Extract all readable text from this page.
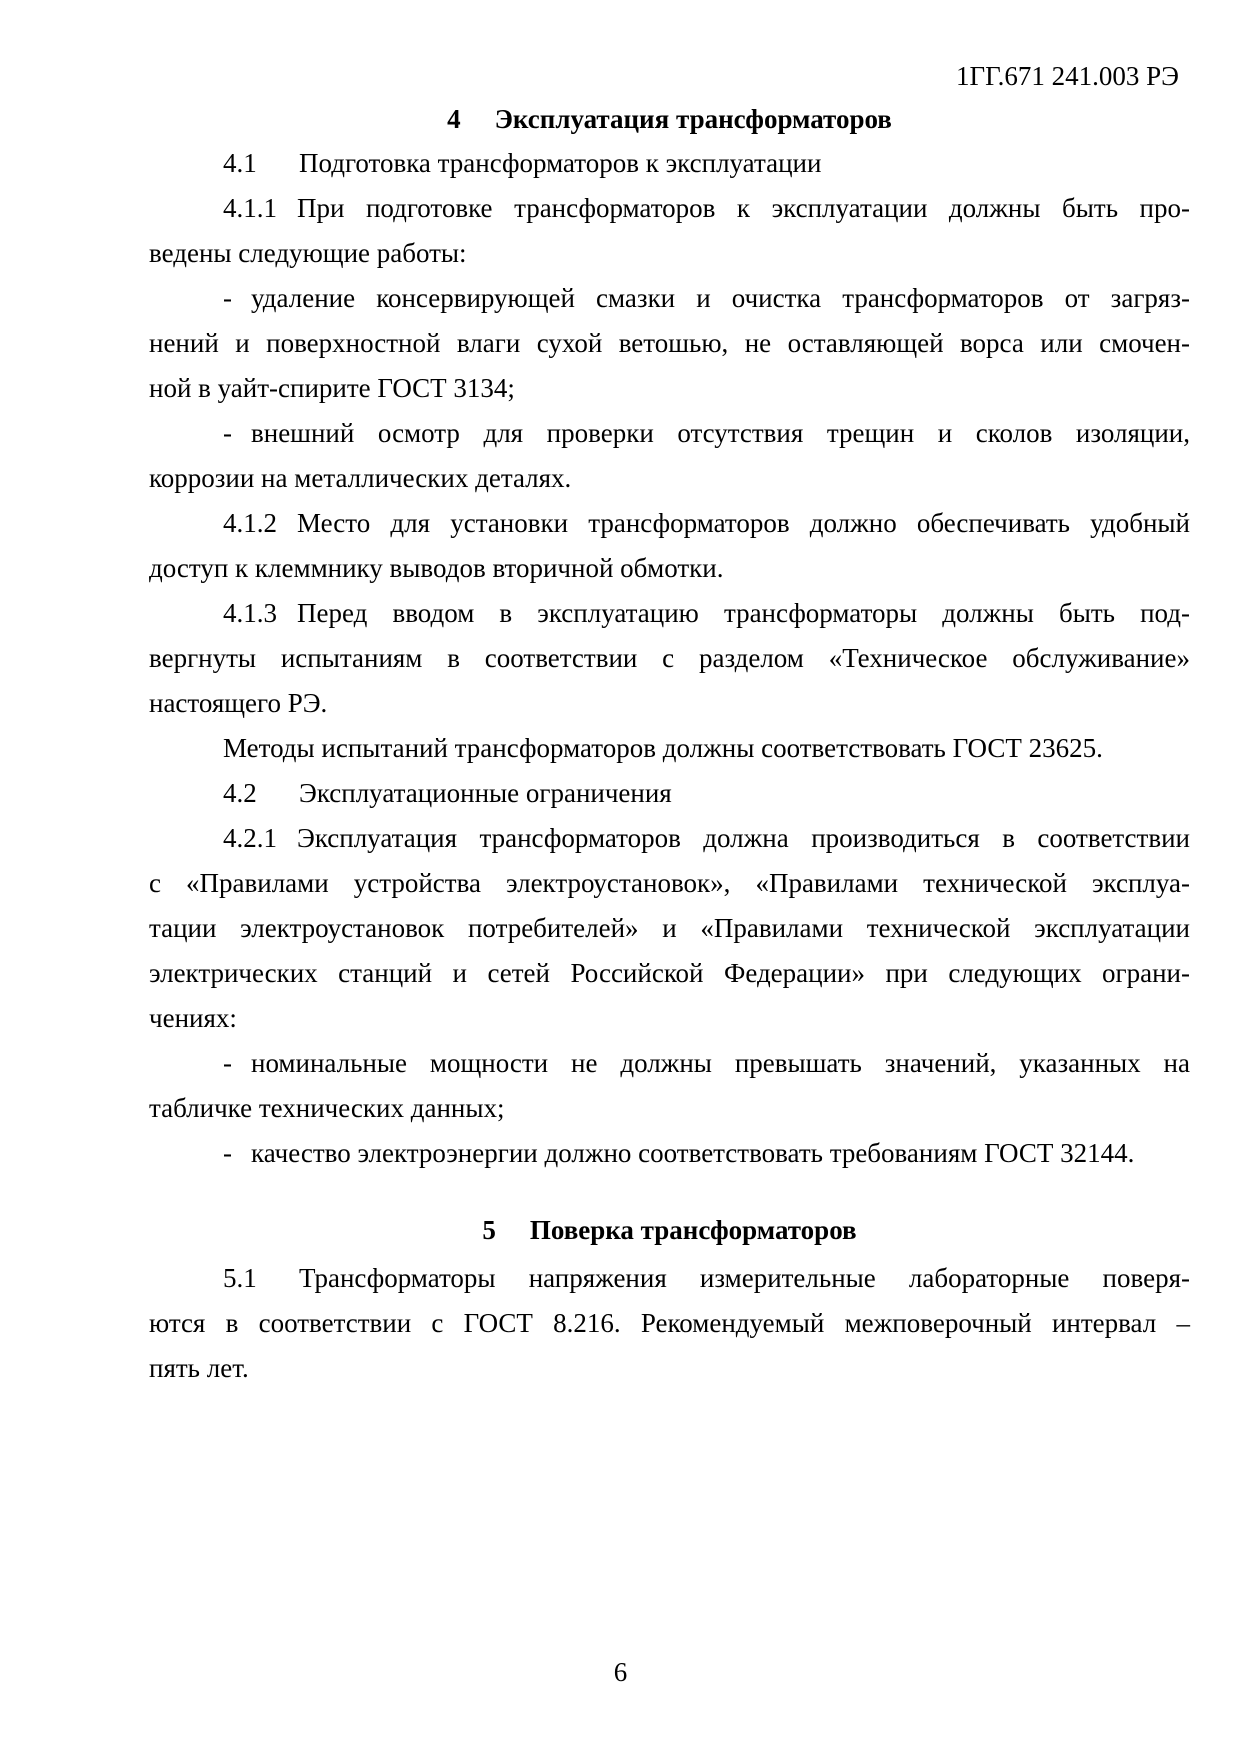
1ГГ.671 241.003 РЭ
4 Эксплуатация трансформаторов
4.1 Подготовка трансформаторов к эксплуатации
4.1.1 При подготовке трансформаторов к эксплуатации должны быть про-
ведены следующие работы:
- удаление консервирующей смазки и очистка трансформаторов от загряз-
нений и поверхностной влаги сухой ветошью, не оставляющей ворса или смочен-
ной в уайт-спирите ГОСТ 3134;
- внешний осмотр для проверки отсутствия трещин и сколов изоляции,
коррозии на металлических деталях.
4.1.2 Место для установки трансформаторов должно обеспечивать удобный
доступ к клеммнику выводов вторичной обмотки.
4.1.3 Перед вводом в эксплуатацию трансформаторы должны быть под-
вергнуты испытаниям в соответствии с разделом «Техническое обслуживание»
настоящего РЭ.
Методы испытаний трансформаторов должны соответствовать ГОСТ 23625.
4.2 Эксплуатационные ограничения
4.2.1 Эксплуатация трансформаторов должна производиться в соответствии
с «Правилами устройства электроустановок», «Правилами технической эксплуа-
тации электроустановок потребителей» и «Правилами технической эксплуатации
электрических станций и сетей Российской Федерации» при следующих ограни-
чениях:
- номинальные мощности не должны превышать значений, указанных на
табличке технических данных;
- качество электроэнергии должно соответствовать требованиям ГОСТ 32144.
5 Поверка трансформаторов
5.1 Трансформаторы напряжения измерительные лабораторные поверя-
ются в соответствии с ГОСТ 8.216. Рекомендуемый межповерочный интервал –
пять лет.
6
